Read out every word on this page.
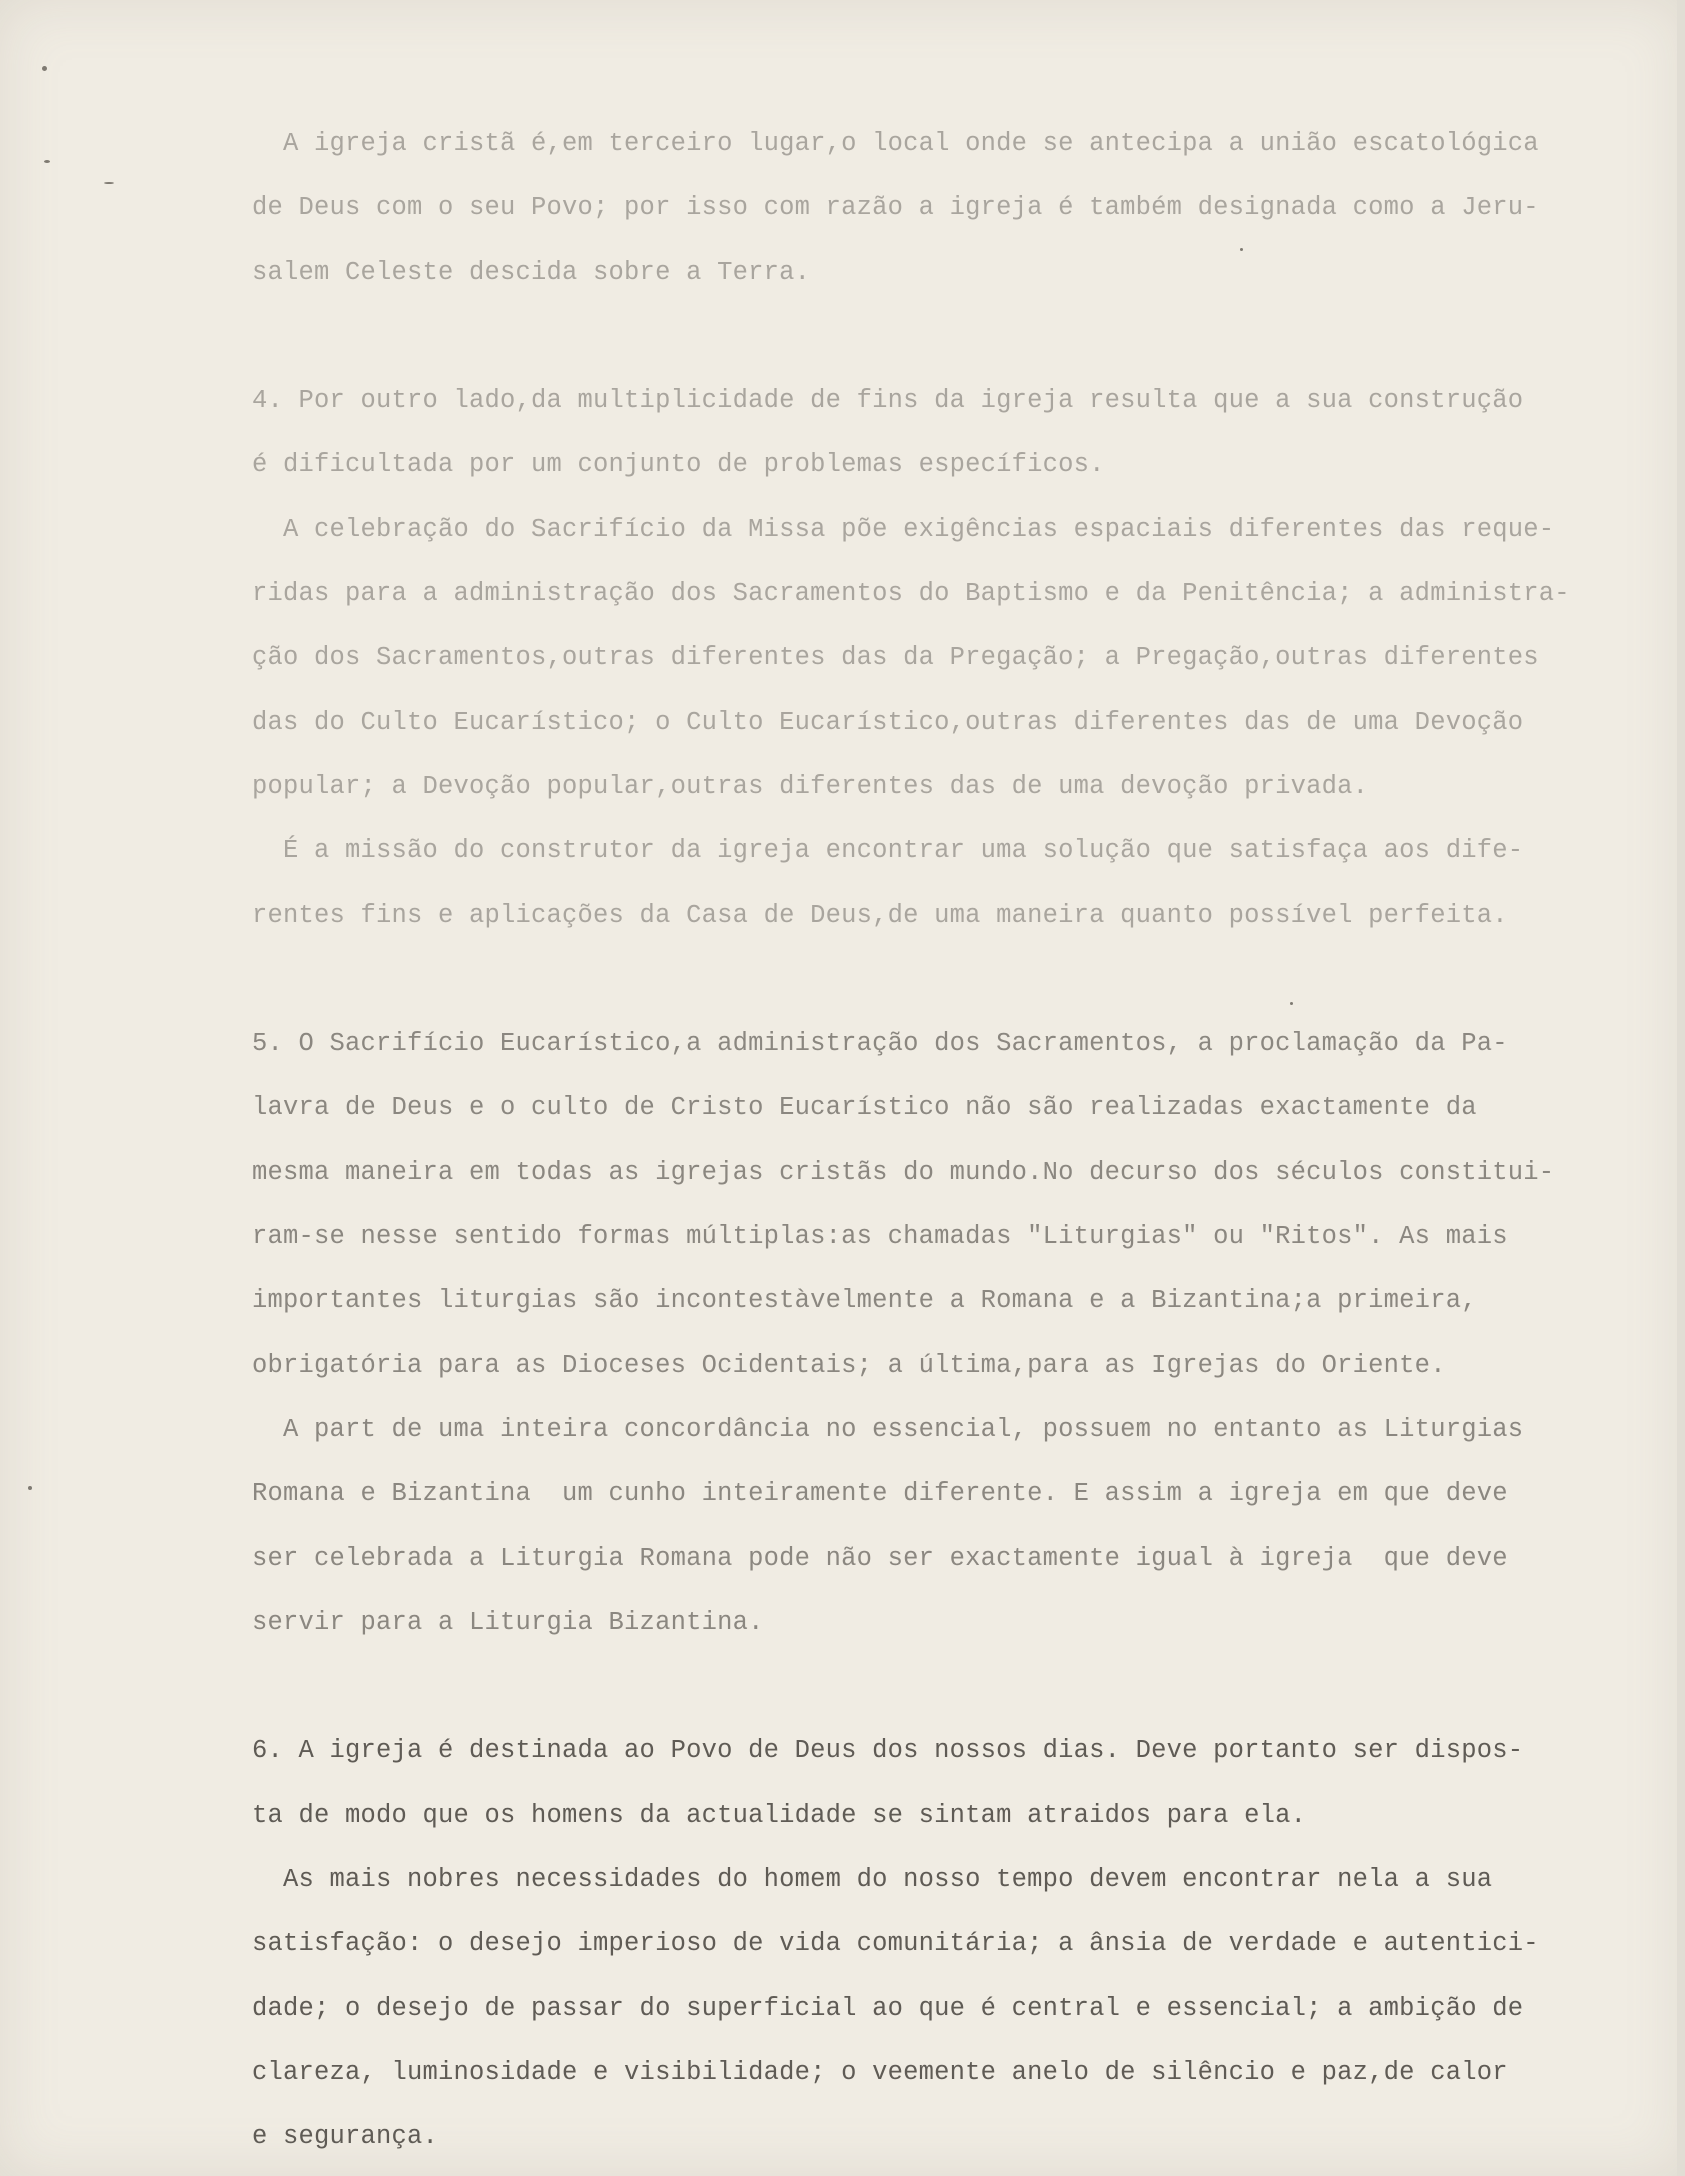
A igreja cristã é,em terceiro lugar,o local onde se antecipa a união escatológica
de Deus com o seu Povo; por isso com razão a igreja é também designada como a Jeru-
salem Celeste descida sobre a Terra.
4. Por outro lado,da multiplicidade de fins da igreja resulta que a sua construção
é dificultada por um conjunto de problemas específicos.
A celebração do Sacrifício da Missa põe exigências espaciais diferentes das reque-
ridas para a administração dos Sacramentos do Baptismo e da Penitência; a administra-
ção dos Sacramentos,outras diferentes das da Pregação; a Pregação,outras diferentes
das do Culto Eucarístico; o Culto Eucarístico,outras diferentes das de uma Devoção
popular; a Devoção popular,outras diferentes das de uma devoção privada.
É a missão do construtor da igreja encontrar uma solução que satisfaça aos dife-
rentes fins e aplicações da Casa de Deus,de uma maneira quanto possível perfeita.
5. O Sacrifício Eucarístico,a administração dos Sacramentos, a proclamação da Pa-
lavra de Deus e o culto de Cristo Eucarístico não são realizadas exactamente da
mesma maneira em todas as igrejas cristãs do mundo.No decurso dos séculos constitui-
ram-se nesse sentido formas múltiplas:as chamadas "Liturgias" ou "Ritos". As mais
importantes liturgias são incontestàvelmente a Romana e a Bizantina;a primeira,
obrigatória para as Dioceses Ocidentais; a última,para as Igrejas do Oriente.
A part de uma inteira concordância no essencial, possuem no entanto as Liturgias
Romana e Bizantina  um cunho inteiramente diferente. E assim a igreja em que deve
ser celebrada a Liturgia Romana pode não ser exactamente igual à igreja  que deve
servir para a Liturgia Bizantina.
6. A igreja é destinada ao Povo de Deus dos nossos dias. Deve portanto ser dispos-
ta de modo que os homens da actualidade se sintam atraidos para ela.
As mais nobres necessidades do homem do nosso tempo devem encontrar nela a sua
satisfação: o desejo imperioso de vida comunitária; a ânsia de verdade e autentici-
dade; o desejo de passar do superficial ao que é central e essencial; a ambição de
clareza, luminosidade e visibilidade; o veemente anelo de silêncio e paz,de calor
e segurança.
